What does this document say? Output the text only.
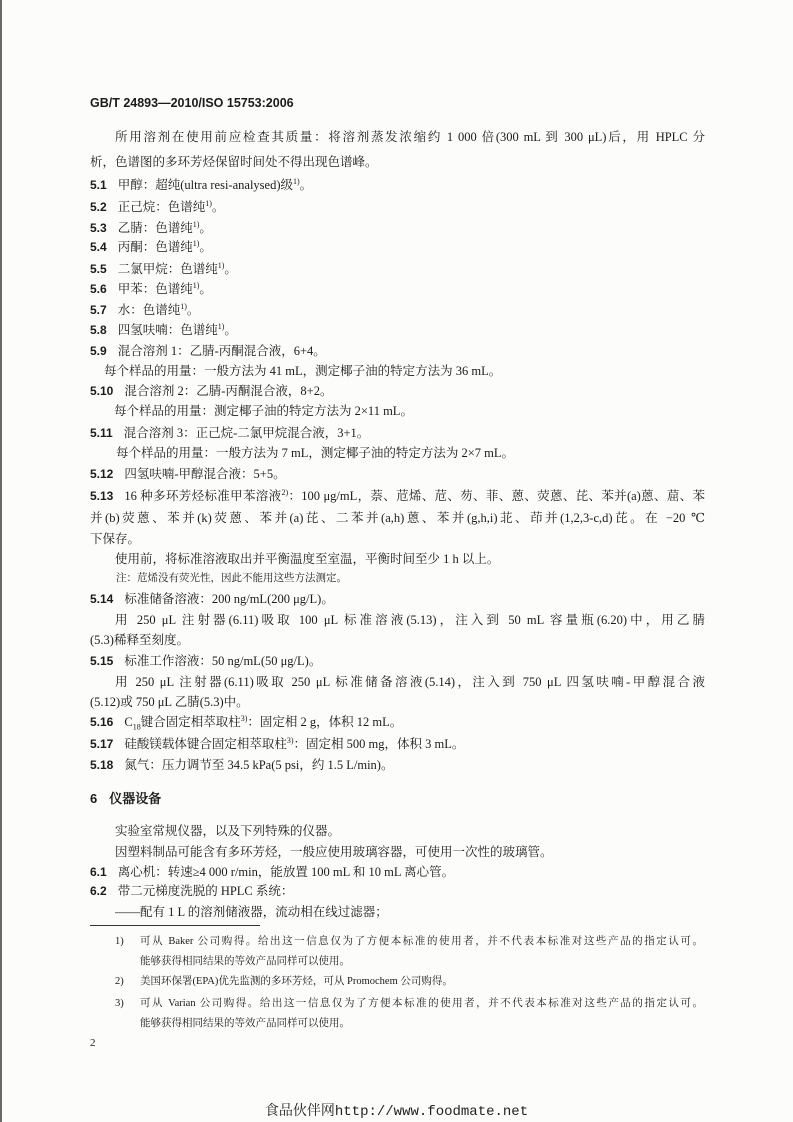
GB/T 24893—2010/ISO 15753:2006
所用溶剂在使用前应检查其质量：将溶剂蒸发浓缩约 1 000 倍(300 mL 到 300 μL)后，用 HPLC 分
析，色谱图的多环芳烃保留时间处不得出现色谱峰。
5.1 甲醇：超纯(ultra resi-analysed)级$^{1)}$。
5.2 正己烷：色谱纯$^{1)}$。
5.3 乙腈：色谱纯$^{1)}$。
5.4 丙酮：色谱纯$^{1)}$。
5.5 二氯甲烷：色谱纯$^{1)}$。
5.6 甲苯：色谱纯$^{1)}$。
5.7 水：色谱纯$^{1)}$。
5.8 四氢呋喃：色谱纯$^{1)}$。
5.9 混合溶剂 1：乙腈-丙酮混合液，6+4。
每个样品的用量：一般方法为 41 mL，测定椰子油的特定方法为 36 mL。
5.10 混合溶剂 2：乙腈-丙酮混合液，8+2。
每个样品的用量：测定椰子油的特定方法为 2×11 mL。
5.11 混合溶剂 3：正己烷-二氯甲烷混合液，3+1。
每个样品的用量：一般方法为 7 mL，测定椰子油的特定方法为 2×7 mL。
5.12 四氢呋喃-甲醇混合液：5+5。
5.13 16 种多环芳烃标准甲苯溶液$^{2)}$：100 μg/mL，萘、苊烯、苊、芴、菲、蒽、荧蒽、芘、苯并(a)蒽、䓛、苯
并(b)荧蒽、苯并(k)荧蒽、苯并(a)芘、二苯并(a,h)蒽、苯并(g,h,i)苝、茚并(1,2,3-c,d)芘。在 −20 ℃
下保存。
使用前，将标准溶液取出并平衡温度至室温，平衡时间至少 1 h 以上。
注：苊烯没有荧光性，因此不能用这些方法测定。
5.14 标准储备溶液：200 ng/mL(200 μg/L)。
用 250 μL 注射器(6.11)吸取 100 μL 标准溶液(5.13)，注入到 50 mL 容量瓶(6.20)中，用乙腈
(5.3)稀释至刻度。
5.15 标准工作溶液：50 ng/mL(50 μg/L)。
用 250 μL 注射器(6.11)吸取 250 μL 标准储备溶液(5.14)，注入到 750 μL 四氢呋喃-甲醇混合液
(5.12)或 750 μL 乙腈(5.3)中。
5.16 $C_{18}$键合固定相萃取柱$^{3)}$：固定相 2 g，体积 12 mL。
5.17 硅酸镁载体键合固定相萃取柱$^{3)}$：固定相 500 mg，体积 3 mL。
5.18 氮气：压力调节至 34.5 kPa(5 psi，约 1.5 L/min)。
6 仪器设备
实验室常规仪器，以及下列特殊的仪器。
因塑料制品可能含有多环芳烃，一般应使用玻璃容器，可使用一次性的玻璃管。
6.1 离心机：转速≥4 000 r/min，能放置 100 mL 和 10 mL 离心管。
6.2 带二元梯度洗脱的 HPLC 系统：
——配有 1 L 的溶剂储液器，流动相在线过滤器；
1) 可从 Baker 公司购得。给出这一信息仅为了方便本标准的使用者，并不代表本标准对这些产品的指定认可。
能够获得相同结果的等效产品同样可以使用。
2) 美国环保署(EPA)优先监测的多环芳烃，可从 Promochem 公司购得。
3) 可从 Varian 公司购得。给出这一信息仅为了方便本标准的使用者，并不代表本标准对这些产品的指定认可。
能够获得相同结果的等效产品同样可以使用。
2
食品伙伴网http://www.foodmate.net
